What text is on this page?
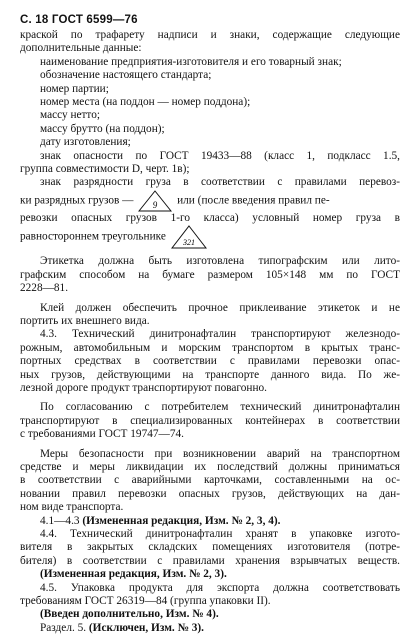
С. 18 ГОСТ 6599—76
краской по трафарету надписи и знаки, содержащие следующие
дополнительные данные:
наименование предприятия-изготовителя и его товарный знак;
обозначение настоящего стандарта;
номер партии;
номер места (на поддон — номер поддона);
массу нетто;
массу брутто (на поддон);
дату изготовления;
знак опасности по ГОСТ 19433—88 (класс 1, подкласс 1.5,
группа совместимости D, черт. 1в);
знак разрядности груза в соответствии с правилами перевоз-
ки разрядных грузов — 9 или (после введения правил пе-
ревозки опасных грузов 1-го класса) условный номер груза в
равностороннем треугольнике 321
Этикетка должна быть изготовлена типографским или лито-
графским способом на бумаге размером 105×148 мм по ГОСТ
2228—81.
Клей должен обеспечить прочное приклеивание этикеток и не
портить их внешнего вида.
4.3. Технический динитронафталин транспортируют железнодо-
рожным, автомобильным и морским транспортом в крытых транс-
портных средствах в соответствии с правилами перевозки опас-
ных грузов, действующими на транспорте данного вида. По же-
лезной дороге продукт транспортируют повагонно.
По согласованию с потребителем технический динитронафталин
транспортируют в специализированных контейнерах в соответствии
с требованиями ГОСТ 19747—74.
Меры безопасности при возникновении аварий на транспортном
средстве и меры ликвидации их последствий должны приниматься
в соответствии с аварийными карточками, составленными на ос-
новании правил перевозки опасных грузов, действующих на дан-
ном виде транспорта.
4.1—4.3 (Измененная редакция, Изм. № 2, 3, 4).
4.4. Технический динитронафталин хранят в упаковке изгото-
вителя в закрытых складских помещениях изготовителя (потре-
бителя) в соответствии с правилами хранения взрывчатых веществ.
(Измененная редакция, Изм. № 2, 3).
4.5. Упаковка продукта для экспорта должна соответствовать
требованиям ГОСТ 26319—84 (группа упаковки II).
(Введен дополнительно, Изм. № 4).
Раздел. 5. (Исключен, Изм. № 3).
